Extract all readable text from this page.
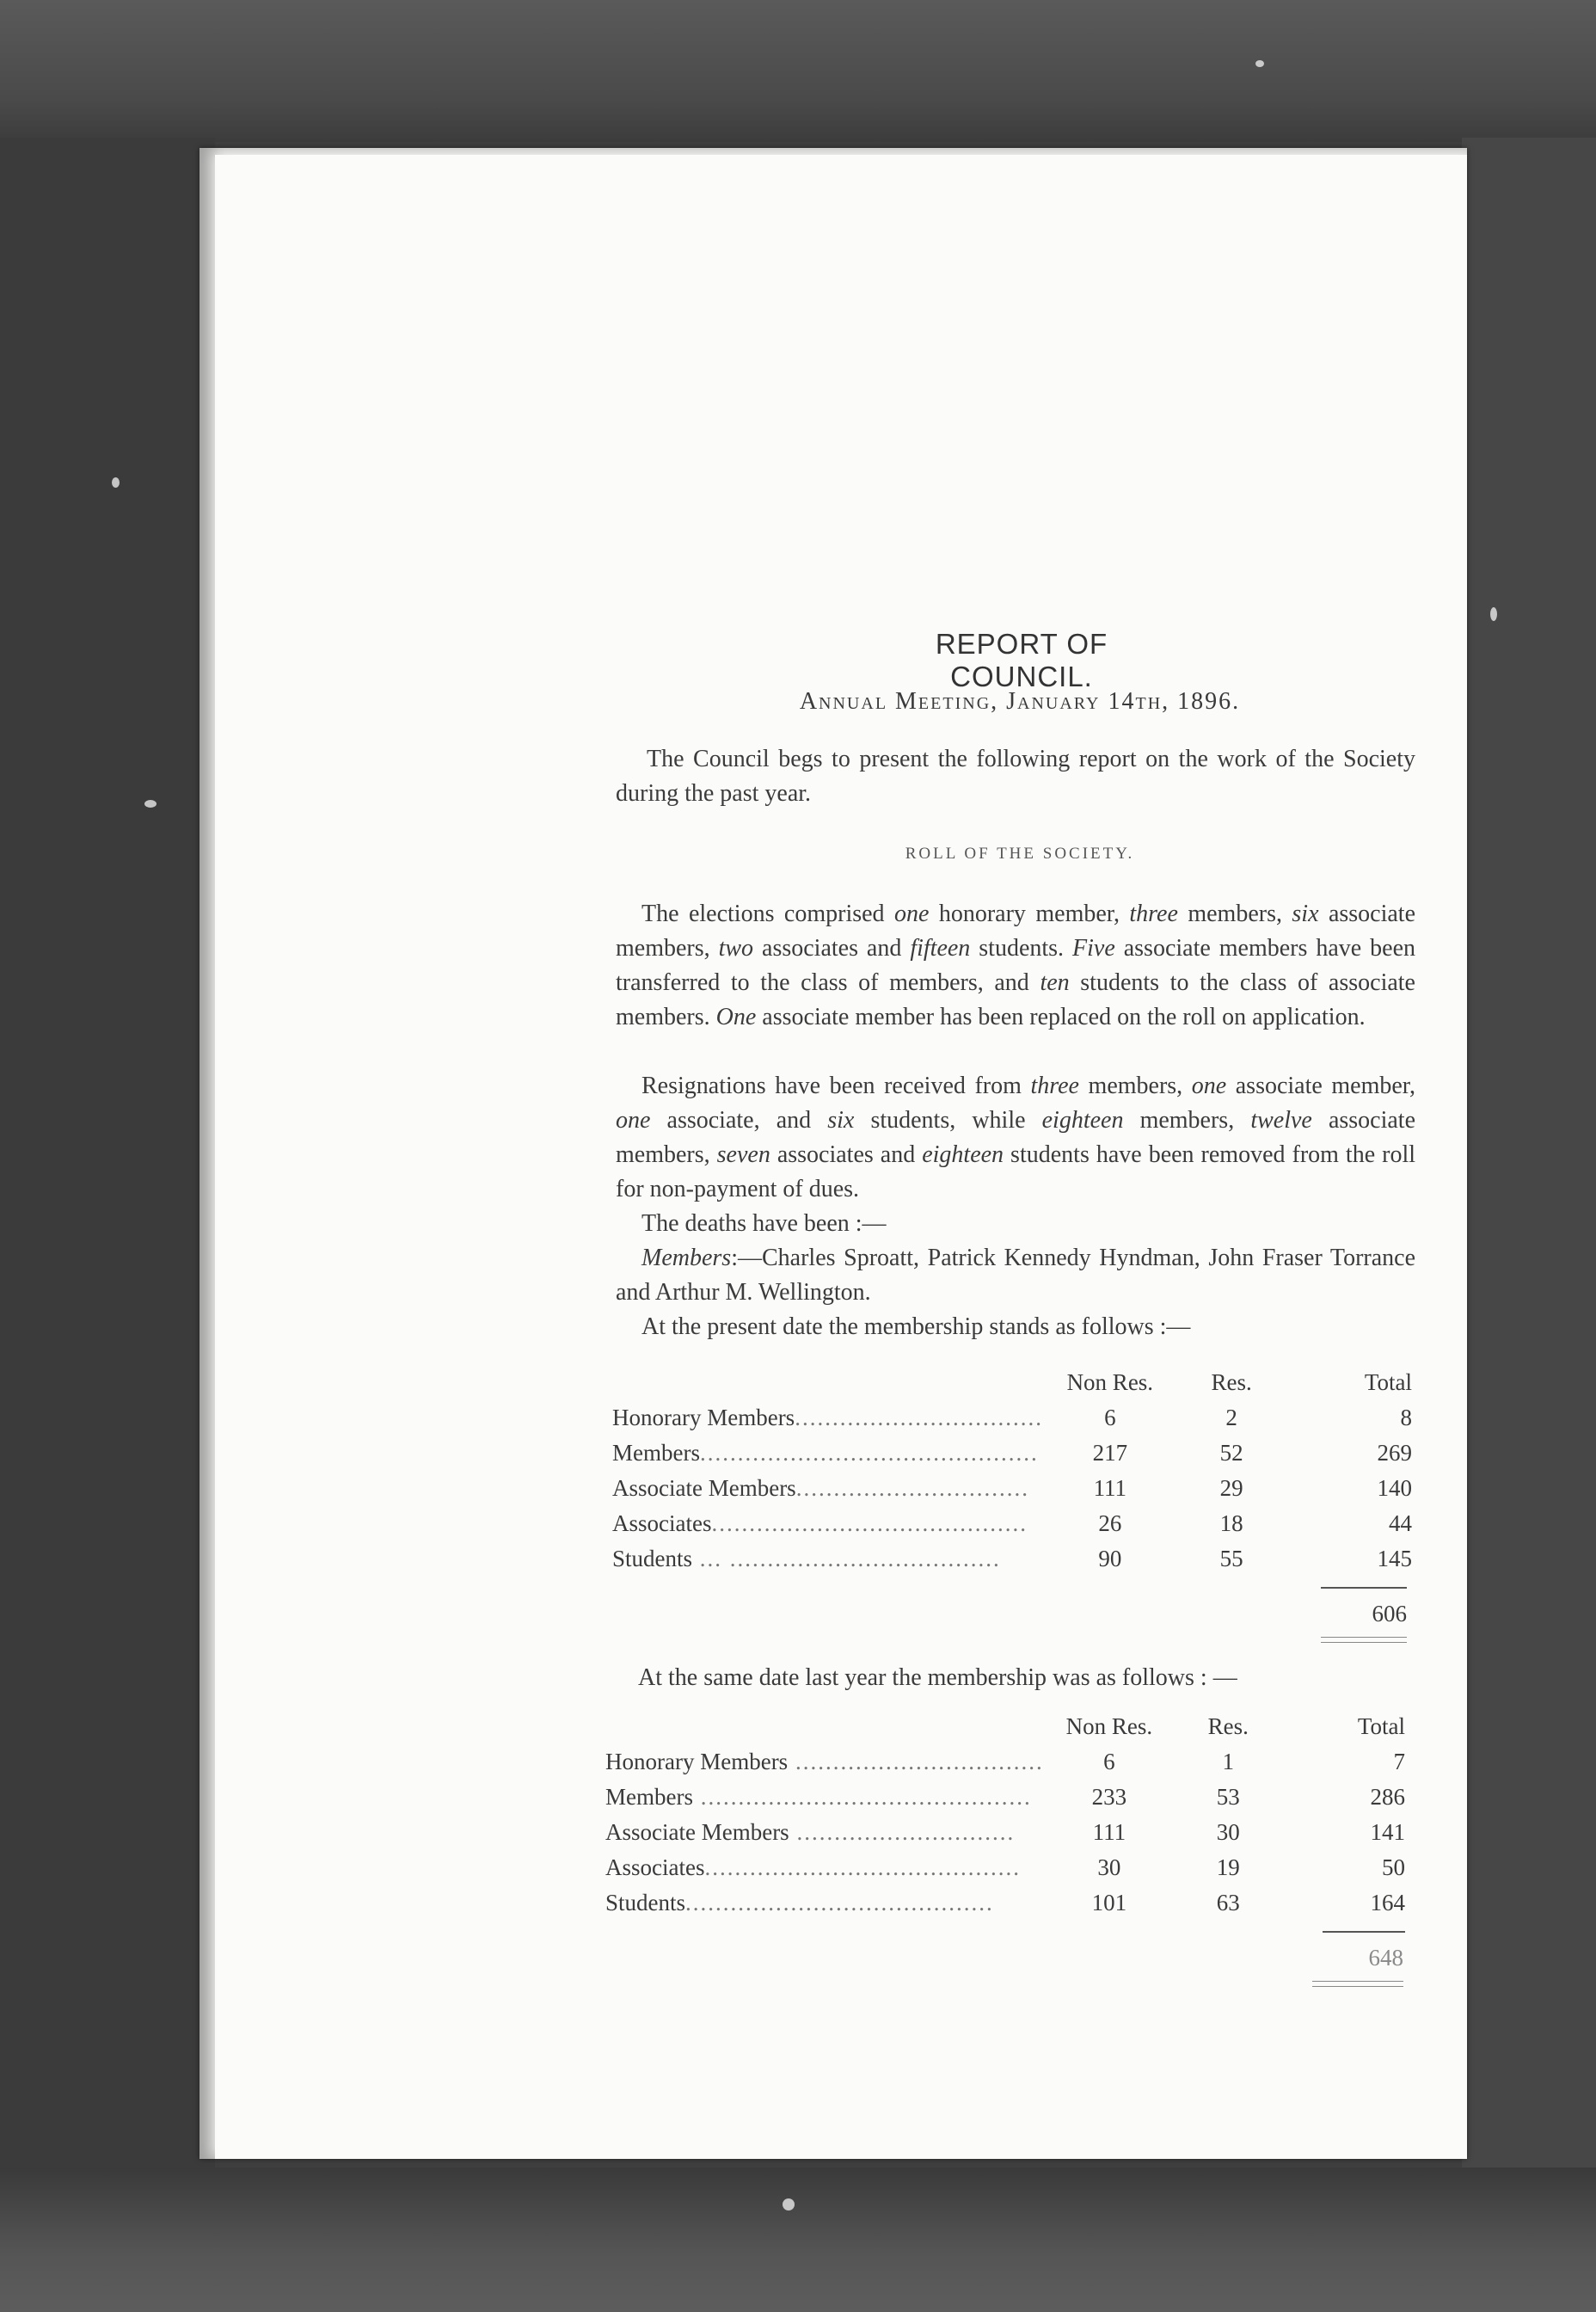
REPORT OF COUNCIL.
Annual Meeting, January 14th, 1896.

The Council begs to present the following report on the work of the Society during the past year.

ROLL OF THE SOCIETY.

The elections comprised one honorary member, three members, six associate members, two associates and fifteen students. Five associate members have been transferred to the class of members, and ten students to the class of associate members. One associate member has been replaced on the roll on application.

Resignations have been received from three members, one associate member, one associate, and six students, while eighteen members, twelve associate members, seven associates and eighteen students have been removed from the roll for non-payment of dues.

The deaths have been :—

Members:—Charles Sproatt, Patrick Kennedy Hyndman, John Fraser Torrance and Arthur M. Wellington.

At the present date the membership stands as follows :—

	Non Res.	Res.	Total
Honorary Members.................................	6	2	8
Members.............................................	217	52	269
Associate Members...............................	111	29	140
Associates..........................................	26	18	44
Students ... ....................................	90	55	145
606

At the same date last year the membership was as follows : —

	Non Res.	Res.	Total
Honorary Members .................................	6	1	7
Members ............................................	233	53	286
Associate Members .............................	111	30	141
Associates..........................................	30	19	50
Students.........................................	101	63	164
648
